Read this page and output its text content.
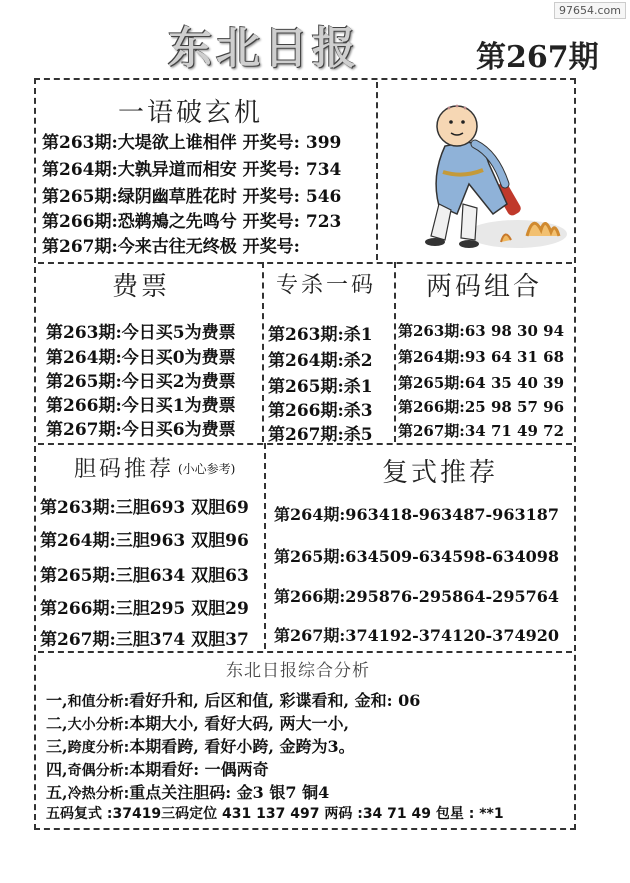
97654.com
东北日报	第267期
一语破玄机
第263期:大堤欲上谁相伴 开奖号: 399
第264期:大孰异道而相安 开奖号: 734
第265期:绿阴幽草胜花时 开奖号: 546
第266期:恐鹈鴂之先鸣兮 开奖号: 723
第267期:今来古往无终极 开奖号:
费票
第263期:今日买5为费票
第264期:今日买0为费票
第265期:今日买2为费票
第266期:今日买1为费票
第267期:今日买6为费票
专杀一码
第263期:杀1
第264期:杀2
第265期:杀1
第266期:杀3
第267期:杀5
两码组合
第263期:63 98 30 94
第264期:93 64 31 68
第265期:64 35 40 39
第266期:25 98 57 96
第267期:34 71 49 72
胆码推荐 (小心参考)
第263期:三胆693 双胆69
第264期:三胆963 双胆96
第265期:三胆634 双胆63
第266期:三胆295 双胆29
第267期:三胆374 双胆37
复式推荐
第264期:963418-963487-963187
第265期:634509-634598-634098
第266期:295876-295864-295764
第267期:374192-374120-374920
东北日报综合分析
一,和值分析:看好升和, 后区和值, 彩谍看和, 金和: 06
二,大小分析:本期大小, 看好大码, 两大一小,
三,跨度分析:本期看跨, 看好小跨, 金跨为3。
四,奇偶分析:本期看好: 一偶两奇
五,冷热分析:重点关注胆码: 金3 银7 铜4
五码复式 :37419三码定位 431 137 497 两码 :34 71 49 包星 : **1
